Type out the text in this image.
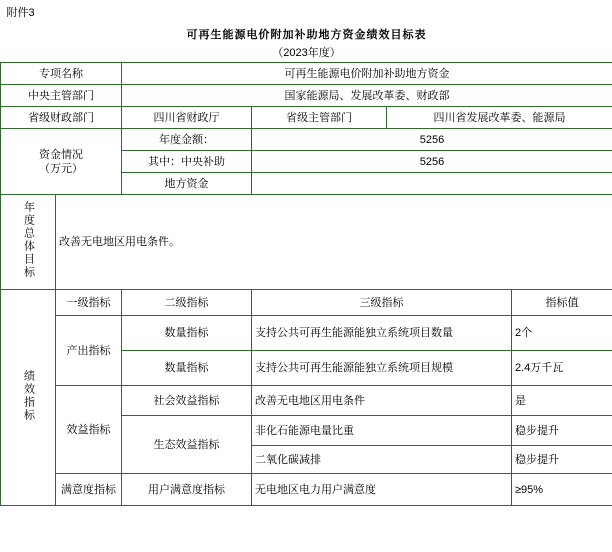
附件3					
可再生能源电价附加补助地方资金绩效目标表					
（2023年度）					
专项名称		可再生能源电价附加补助地方资金			
中央主管部门		国家能源局、发展改革委、财政部			
省级财政部门		四川省财政厅	省级主管部门	四川省发展改革委、能源局	

资金情况
（万元）		年度金额：	5256		
		其中：中央补助	5256		
		地方资金			
年度总体目标	改善无电地区用电条件。				
绩效指标	一级指标	二级指标	三级指标		指标值
	产出指标	数量指标	支持公共可再生能源能独立系统项目数量		2个
		数量指标	支持公共可再生能源能独立系统项目规模		2.4万千瓦
	效益指标	社会效益指标	改善无电地区用电条件		是
		生态效益指标	非化石能源电量比重		稳步提升
			二氧化碳减排		稳步提升
	满意度指标	用户满意度指标	无电地区电力用户满意度		≥95%
